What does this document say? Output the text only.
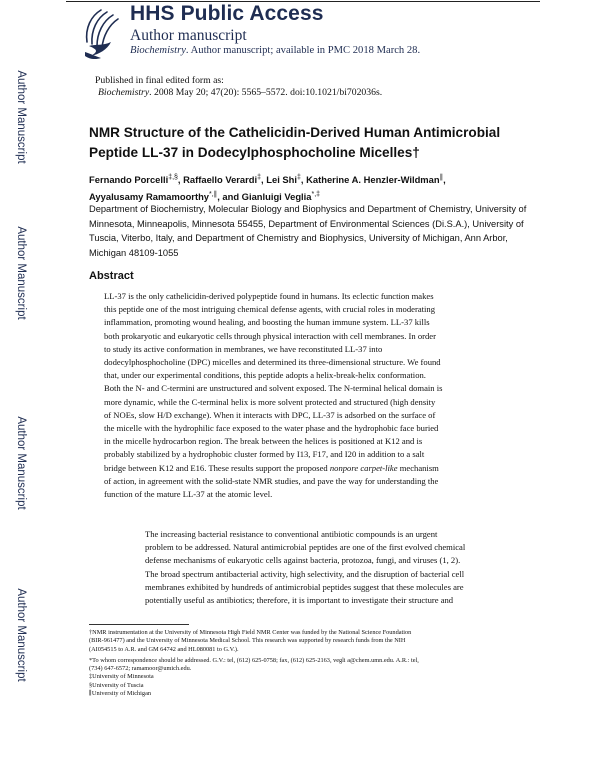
HHS Public Access
Author manuscript
Biochemistry. Author manuscript; available in PMC 2018 March 28.
Published in final edited form as:
Biochemistry. 2008 May 20; 47(20): 5565–5572. doi:10.1021/bi702036s.
Author Manuscript
Author Manuscript
Author Manuscript
Author Manuscript
NMR Structure of the Cathelicidin-Derived Human Antimicrobial Peptide LL-37 in Dodecylphosphocholine Micelles†
Fernando Porcelli‡,§, Raffaello Verardi‡, Lei Shi‡, Katherine A. Henzler-Wildman∥,
Ayyalusamy Ramamoorthy*,∥, and Gianluigi Veglia*,‡
Department of Biochemistry, Molecular Biology and Biophysics and Department of Chemistry, University of Minnesota, Minneapolis, Minnesota 55455, Department of Environmental Sciences (Di.S.A.), University of Tuscia, Viterbo, Italy, and Department of Chemistry and Biophysics, University of Michigan, Ann Arbor, Michigan 48109-1055
Abstract
LL-37 is the only cathelicidin-derived polypeptide found in humans. Its eclectic function makes
this peptide one of the most intriguing chemical defense agents, with crucial roles in moderating
inflammation, promoting wound healing, and boosting the human immune system. LL-37 kills
both prokaryotic and eukaryotic cells through physical interaction with cell membranes. In order
to study its active conformation in membranes, we have reconstituted LL-37 into
dodecylphosphocholine (DPC) micelles and determined its three-dimensional structure. We found
that, under our experimental conditions, this peptide adopts a helix-break-helix conformation.
Both the N- and C-termini are unstructured and solvent exposed. The N-terminal helical domain is
more dynamic, while the C-terminal helix is more solvent protected and structured (high density
of NOEs, slow H/D exchange). When it interacts with DPC, LL-37 is adsorbed on the surface of
the micelle with the hydrophilic face exposed to the water phase and the hydrophobic face buried
in the micelle hydrocarbon region. The break between the helices is positioned at K12 and is
probably stabilized by a hydrophobic cluster formed by I13, F17, and I20 in addition to a salt
bridge between K12 and E16. These results support the proposed nonpore carpet-like mechanism
of action, in agreement with the solid-state NMR studies, and pave the way for understanding the
function of the mature LL-37 at the atomic level.
The increasing bacterial resistance to conventional antibiotic compounds is an urgent
problem to be addressed. Natural antimicrobial peptides are one of the first evolved chemical
defense mechanisms of eukaryotic cells against bacteria, protozoa, fungi, and viruses (1, 2).
The broad spectrum antibacterial activity, high selectivity, and the disruption of bacterial cell
membranes exhibited by hundreds of antimicrobial peptides suggest that these molecules are
potentially useful as antibiotics; therefore, it is important to investigate their structure and
†NMR instrumentation at the University of Minnesota High Field NMR Center was funded by the National Science Foundation
(BIR-961477) and the University of Minnesota Medical School. This research was supported by research funds from the NIH
(AI054515 to A.R. and GM 64742 and HL080081 to G.V.).
*To whom correspondence should be addressed. G.V.: tel, (612) 625-0758; fax, (612) 625-2163, vegli a@chem.umn.edu. A.R.: tel,
(734) 647-6572; ramamoor@umich.edu.
‡University of Minnesota
§University of Tuscia
∥University of Michigan
